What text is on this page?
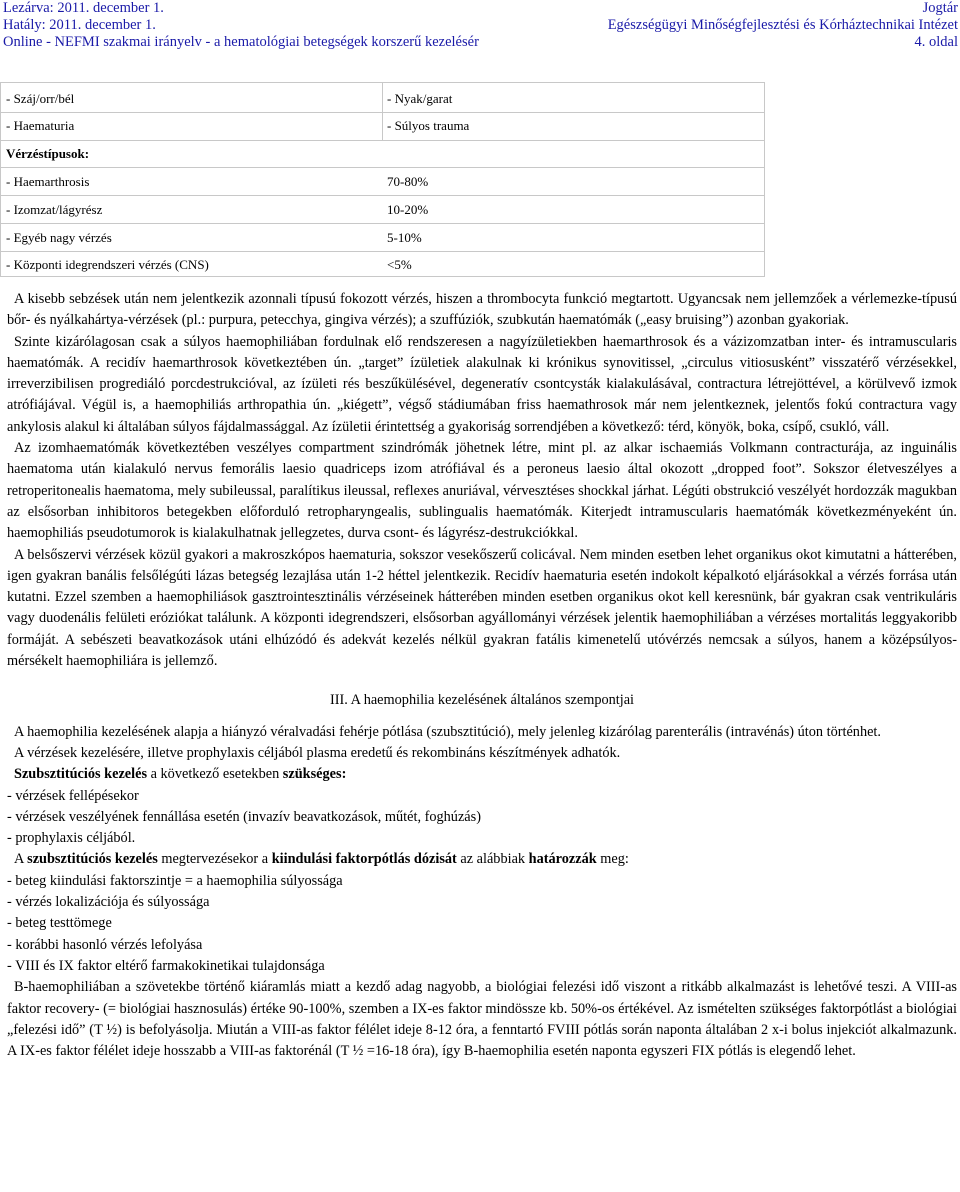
Lezárva: 2011. december 1.	Jogtár
Hatály: 2011. december 1.	Egészségügyi Minőségfejlesztési és Kórháztechnikai Intézet
Online - NEFMI szakmai irányelv - a hematológiai betegségek korszerű kezelésér	4. oldal
- Száj/orr/bél	- Nyak/garat
- Haematuria	- Súlyos trauma
Vérzéstípusok:
- Haemarthrosis	70-80%
- Izomzat/lágyrész	10-20%
- Egyéb nagy vérzés	5-10%
- Központi idegrendszeri vérzés (CNS)	<5%

A kisebb sebzések után nem jelentkezik azonnali típusú fokozott vérzés, hiszen a thrombocyta funkció megtartott. Ugyancsak nem jellemzőek a vérlemezke-típusú bőr- és nyálkahártya-vérzések (pl.: purpura, petecchya, gingiva vérzés); a szuffúziók, szubkután haematómák („easy bruising”) azonban gyakoriak.

Szinte kizárólagosan csak a súlyos haemophiliában fordulnak elő rendszeresen a nagyízületiekben haemarthrosok és a vázizomzatban inter- és intramuscularis haematómák. A recidív haemarthrosok következtében ún. „target” ízületiek alakulnak ki krónikus synovitissel, „circulus vitiosusként” visszatérő vérzésekkel, irreverzibilisen progrediáló porcdestrukcióval, az ízületi rés beszűkülésével, degeneratív csontcysták kialakulásával, contractura létrejöttével, a körülvevő izmok atrófiájával. Végül is, a haemophiliás arthropathia ún. „kiégett”, végső stádiumában friss haemathrosok már nem jelentkeznek, jelentős fokú contractura vagy ankylosis alakul ki általában súlyos fájdalmassággal. Az ízületii érintettség a gyakoriság sorrendjében a következő: térd, könyök, boka, csípő, csukló, váll.

Az izomhaematómák következtében veszélyes compartment szindrómák jöhetnek létre, mint pl. az alkar ischaemiás Volkmann contracturája, az inguinális haematoma után kialakuló nervus femorális laesio quadriceps izom atrófiával és a peroneus laesio által okozott „dropped foot”. Sokszor életveszélyes a retroperitonealis haematoma, mely subileussal, paralítikus ileussal, reflexes anuriával, vérvesztéses shockkal járhat. Légúti obstrukció veszélyét hordozzák magukban az elsősorban inhibitoros betegekben előforduló retropharyngealis, sublingualis haematómák. Kiterjedt intramuscularis haematómák következményeként ún. haemophiliás pseudotumorok is kialakulhatnak jellegzetes, durva csont- és lágyrész-destrukciókkal.

A belsőszervi vérzések közül gyakori a makroszkópos haematuria, sokszor vesekőszerű colicával. Nem minden esetben lehet organikus okot kimutatni a hátterében, igen gyakran banális felsőlégúti lázas betegség lezajlása után 1-2 héttel jelentkezik. Recidív haematuria esetén indokolt képalkotó eljárásokkal a vérzés forrása után kutatni. Ezzel szemben a haemophiliások gasztrointesztinális vérzéseinek hátterében minden esetben organikus okot kell keresnünk, bár gyakran csak ventrikuláris vagy duodenális felületi eróziókat találunk. A központi idegrendszeri, elsősorban agyállományi vérzések jelentik haemophiliában a vérzéses mortalitás leggyakoribb formáját. A sebészeti beavatkozások utáni elhúzódó és adekvát kezelés nélkül gyakran fatális kimenetelű utóvérzés nemcsak a súlyos, hanem a középsúlyos-mérsékelt haemophiliára is jellemző.

III. A haemophilia kezelésének általános szempontjai

A haemophilia kezelésének alapja a hiányzó véralvadási fehérje pótlása (szubsztitúció), mely jelenleg kizárólag parenterális (intravénás) úton történhet.

A vérzések kezelésére, illetve prophylaxis céljából plasma eredetű és rekombináns készítmények adhatók.

Szubsztitúciós kezelés a következő esetekben szükséges:

- vérzések fellépésekor

- vérzések veszélyének fennállása esetén (invazív beavatkozások, műtét, foghúzás)

- prophylaxis céljából.

A szubsztitúciós kezelés megtervezésekor a kiindulási faktorpótlás dózisát az alábbiak határozzák meg:

- beteg kiindulási faktorszintje = a haemophilia súlyossága

- vérzés lokalizációja és súlyossága

- beteg testtömege

- korábbi hasonló vérzés lefolyása

- VIII és IX faktor eltérő farmakokinetikai tulajdonsága

B-haemophiliában a szövetekbe történő kiáramlás miatt a kezdő adag nagyobb, a biológiai felezési idő viszont a ritkább alkalmazást is lehetővé teszi. A VIII-as faktor recovery- (= biológiai hasznosulás) értéke 90-100%, szemben a IX-es faktor mindössze kb. 50%-os értékével. Az ismételten szükséges faktorpótlást a biológiai „felezési idő” (T ½) is befolyásolja. Miután a VIII-as faktor félélet ideje 8-12 óra, a fenntartó FVIII pótlás során naponta általában 2 x-i bolus injekciót alkalmazunk. A IX-es faktor félélet ideje hosszabb a VIII-as faktorénál (T ½ =16-18 óra), így B-haemophilia esetén naponta egyszeri FIX pótlás is elegendő lehet.
